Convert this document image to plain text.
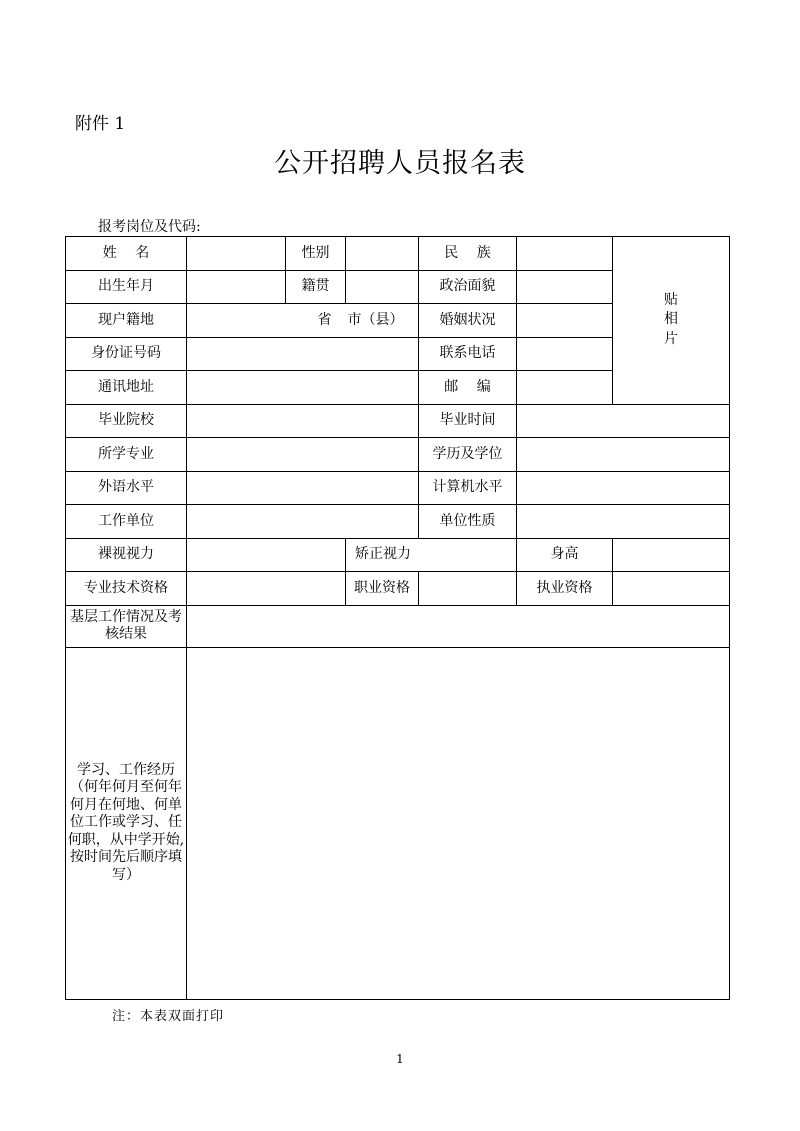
附件 1
公开招聘人员报名表
报考岗位及代码:
姓　 名		性别		民　 族		贴相片
出生年月		籍贯		政治面貌		
现户籍地	省 市（县）			婚姻状况		
身份证号码				联系电话		
通讯地址				邮　 编		
毕业院校				毕业时间		
所学专业				学历及学位		
外语水平				计算机水平		
工作单位				单位性质		
裸视视力			矫正视力		身高	
专业技术资格			职业资格		执业资格	
基层工作情况及考核结果						
学习、工作经历（何年何月至何年何月在何地、何单位工作或学习、任何职，从中学开始,按时间先后顺序填写）						
注：本表双面打印
1
